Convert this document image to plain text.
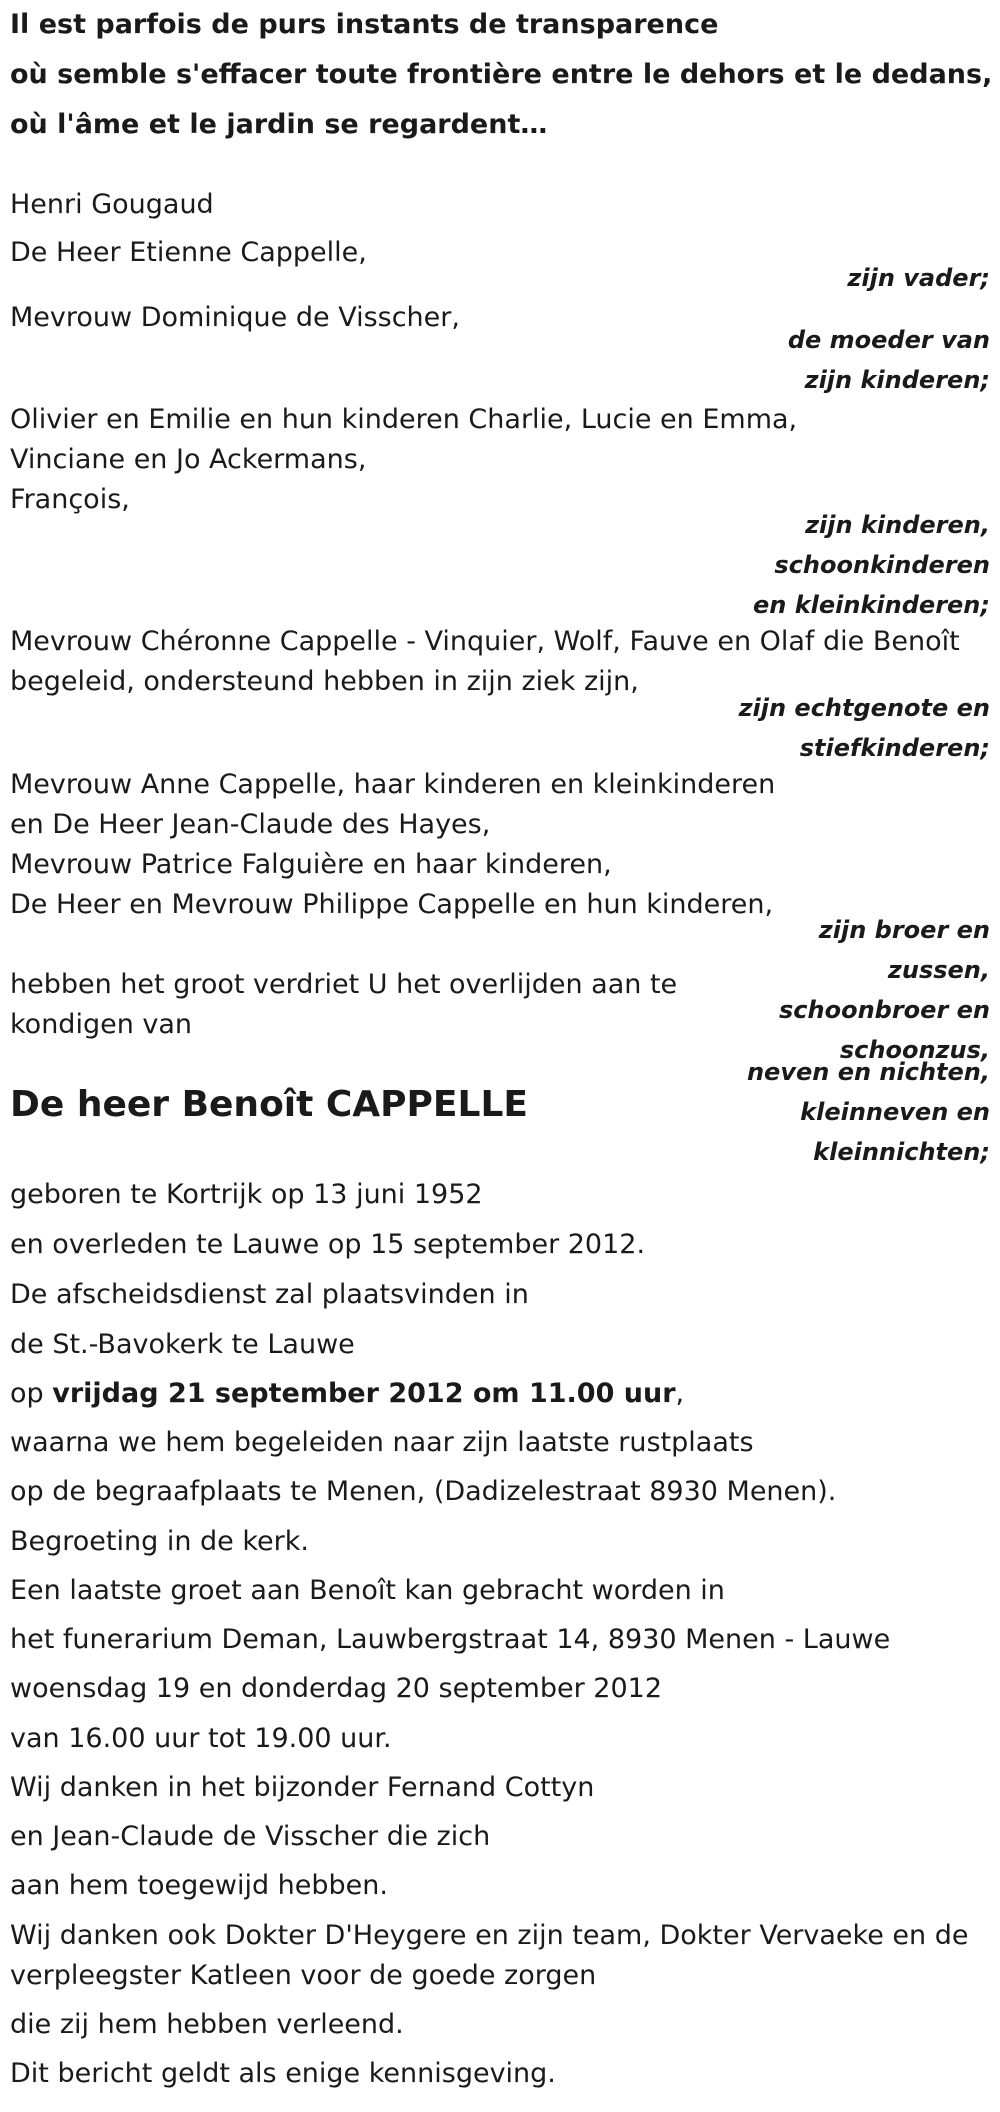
Il est parfois de purs instants de transparence

où semble s'effacer toute frontière entre le dehors et le dedans,

où l'âme et le jardin se regardent…

Henri Gougaud

De Heer Etienne Cappelle,

zijn vader;

Mevrouw Dominique de Visscher,

de moeder van

zijn kinderen;

Olivier en Emilie en hun kinderen Charlie, Lucie en Emma,

Vinciane en Jo Ackermans,

François,

zijn kinderen,

schoonkinderen

en kleinkinderen;

Mevrouw Chéronne Cappelle - Vinquier, Wolf, Fauve en Olaf die Benoît

begeleid, ondersteund hebben in zijn ziek zijn,

zijn echtgenote en

stiefkinderen;

Mevrouw Anne Cappelle, haar kinderen en kleinkinderen

en De Heer Jean-Claude des Hayes,

Mevrouw Patrice Falguière en haar kinderen,

De Heer en Mevrouw Philippe Cappelle en hun kinderen,

zijn broer en

zussen,

schoonbroer en

schoonzus,

neven en nichten,

kleinneven en

kleinnichten;

hebben het groot verdriet U het overlijden aan te

kondigen van

De heer Benoît CAPPELLE

geboren te Kortrijk op 13 juni 1952

en overleden te Lauwe op 15 september 2012.

De afscheidsdienst zal plaatsvinden in

de St.-Bavokerk te Lauwe

op vrijdag 21 september 2012 om 11.00 uur,

waarna we hem begeleiden naar zijn laatste rustplaats

op de begraafplaats te Menen, (Dadizelestraat 8930 Menen).

Begroeting in de kerk.

Een laatste groet aan Benoît kan gebracht worden in

het funerarium Deman, Lauwbergstraat 14, 8930 Menen - Lauwe

woensdag 19 en donderdag 20 september 2012

van 16.00 uur tot 19.00 uur.

Wij danken in het bijzonder Fernand Cottyn

en Jean-Claude de Visscher die zich

aan hem toegewijd hebben.

Wij danken ook Dokter D'Heygere en zijn team, Dokter Vervaeke en de

verpleegster Katleen voor de goede zorgen

die zij hem hebben verleend.

Dit bericht geldt als enige kennisgeving.
